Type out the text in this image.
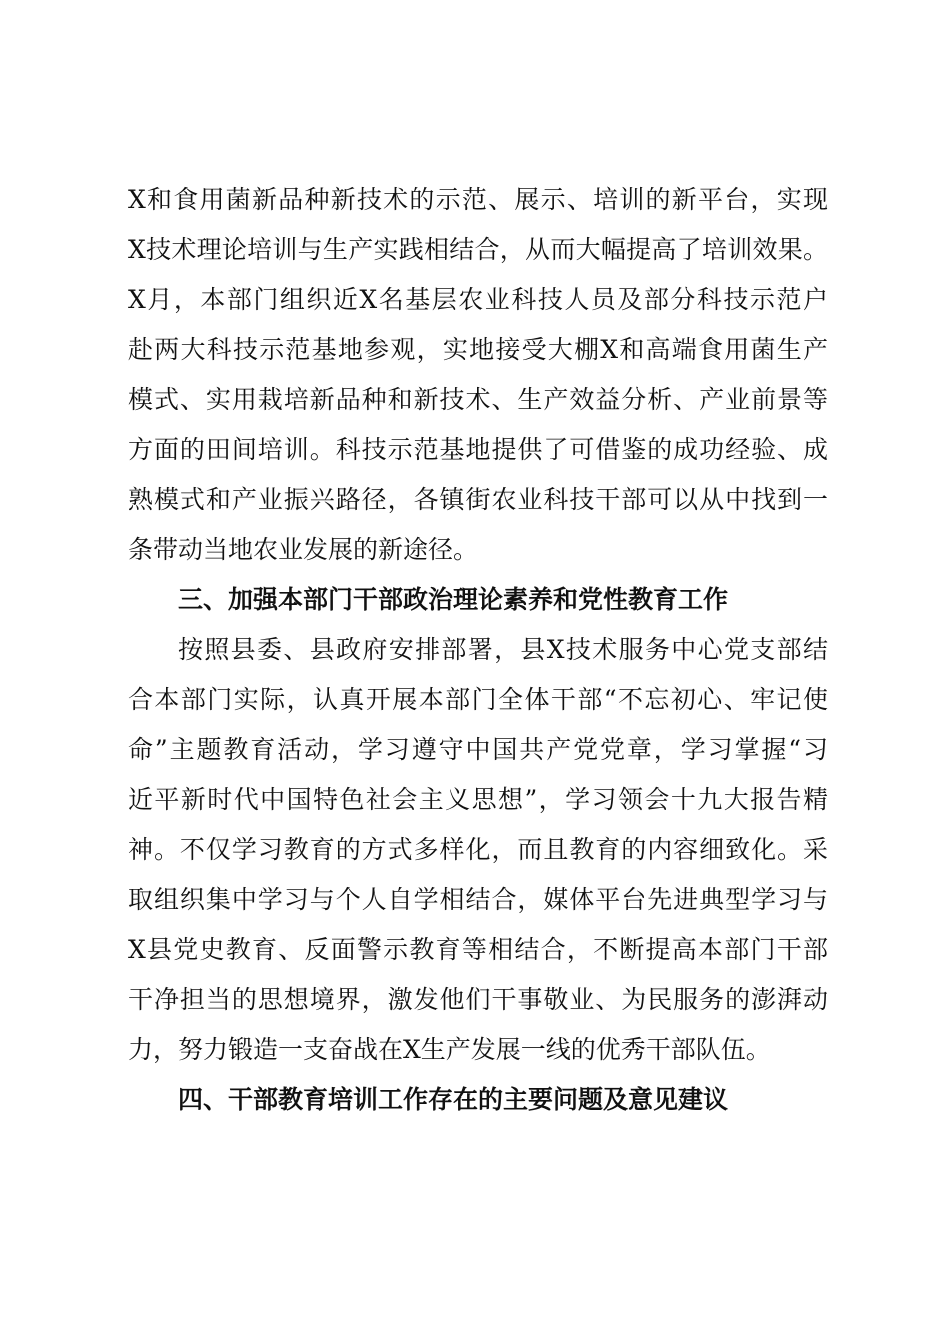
X和食用菌新品种新技术的示范、展示、培训的新平台，实现
X技术理论培训与生产实践相结合，从而大幅提高了培训效果。
X月，本部门组织近X名基层农业科技人员及部分科技示范户
赴两大科技示范基地参观，实地接受大棚X和高端食用菌生产
模式、实用栽培新品种和新技术、生产效益分析、产业前景等
方面的田间培训。科技示范基地提供了可借鉴的成功经验、成
熟模式和产业振兴路径，各镇街农业科技干部可以从中找到一
条带动当地农业发展的新途径。
三、加强本部门干部政治理论素养和党性教育工作
按照县委、县政府安排部署，县X技术服务中心党支部结
合本部门实际，认真开展本部门全体干部“不忘初心、牢记使
命”主题教育活动，学习遵守中国共产党党章，学习掌握“习
近平新时代中国特色社会主义思想”，学习领会十九大报告精
神。不仅学习教育的方式多样化，而且教育的内容细致化。采
取组织集中学习与个人自学相结合，媒体平台先进典型学习与
X县党史教育、反面警示教育等相结合，不断提高本部门干部
干净担当的思想境界，激发他们干事敬业、为民服务的澎湃动
力，努力锻造一支奋战在X生产发展一线的优秀干部队伍。
四、干部教育培训工作存在的主要问题及意见建议
